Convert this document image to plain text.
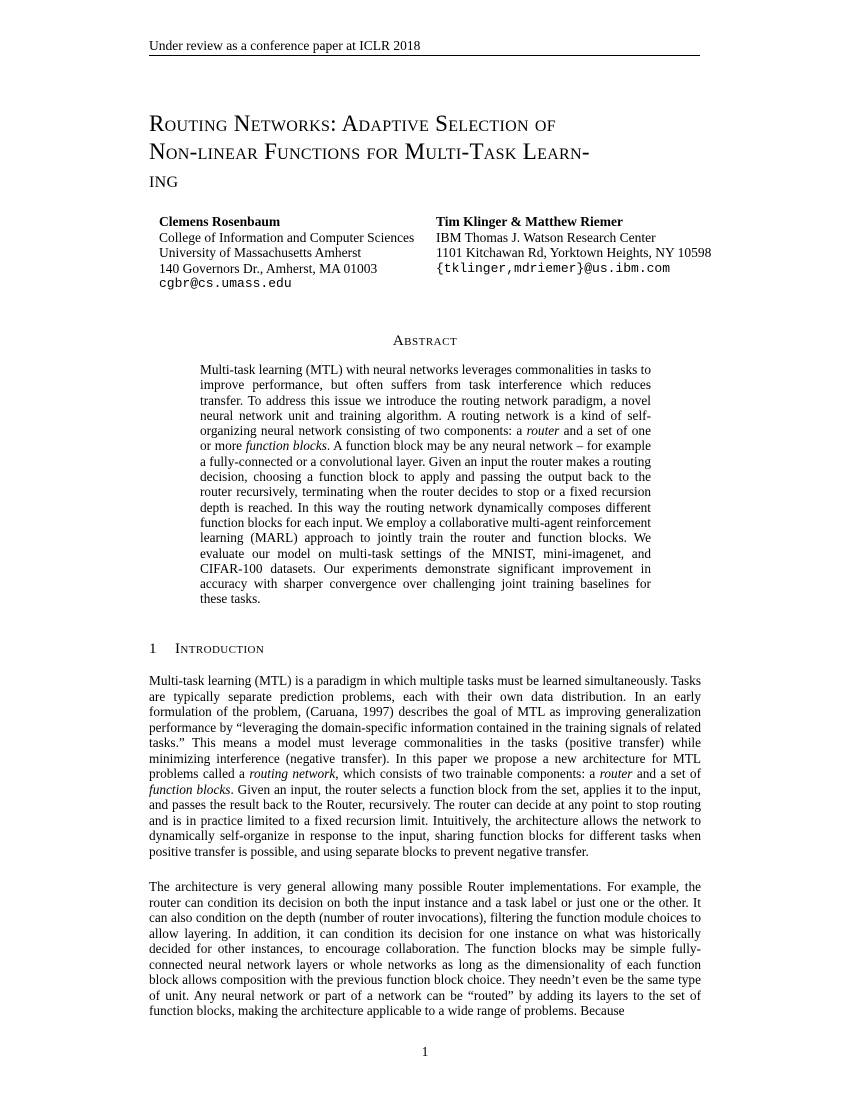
Under review as a conference paper at ICLR 2018
Routing Networks: Adaptive Selection of
Non-linear Functions for Multi-Task Learn-
ing
Clemens Rosenbaum
College of Information and Computer Sciences
University of Massachusetts Amherst
140 Governors Dr., Amherst, MA 01003
cgbr@cs.umass.edu
Tim Klinger & Matthew Riemer
IBM Thomas J. Watson Research Center
1101 Kitchawan Rd, Yorktown Heights, NY 10598
{tklinger,mdriemer}@us.ibm.com
Abstract
Multi-task learning (MTL) with neural networks leverages commonalities in tasks to improve performance, but often suffers from task interference which reduces transfer. To address this issue we introduce the routing network paradigm, a novel neural network unit and training algorithm. A routing network is a kind of self-organizing neural network consisting of two components: a router and a set of one or more function blocks. A function block may be any neural network – for example a fully-connected or a convolutional layer. Given an input the router makes a routing decision, choosing a function block to apply and passing the output back to the router recursively, terminating when the router decides to stop or a fixed recursion depth is reached. In this way the routing network dynamically composes different function blocks for each input. We employ a collaborative multi-agent reinforcement learning (MARL) approach to jointly train the router and function blocks. We evaluate our model on multi-task settings of the MNIST, mini-imagenet, and CIFAR-100 datasets. Our experiments demonstrate significant improvement in accuracy with sharper convergence over challenging joint training baselines for these tasks.
1 Introduction
Multi-task learning (MTL) is a paradigm in which multiple tasks must be learned simultaneously. Tasks are typically separate prediction problems, each with their own data distribution. In an early formulation of the problem, (Caruana, 1997) describes the goal of MTL as improving generalization performance by “leveraging the domain-specific information contained in the training signals of related tasks.” This means a model must leverage commonalities in the tasks (positive transfer) while minimizing interference (negative transfer). In this paper we propose a new architecture for MTL problems called a routing network, which consists of two trainable components: a router and a set of function blocks. Given an input, the router selects a function block from the set, applies it to the input, and passes the result back to the Router, recursively. The router can decide at any point to stop routing and is in practice limited to a fixed recursion limit. Intuitively, the architecture allows the network to dynamically self-organize in response to the input, sharing function blocks for different tasks when positive transfer is possible, and using separate blocks to prevent negative transfer.
The architecture is very general allowing many possible Router implementations. For example, the router can condition its decision on both the input instance and a task label or just one or the other. It can also condition on the depth (number of router invocations), filtering the function module choices to allow layering. In addition, it can condition its decision for one instance on what was historically decided for other instances, to encourage collaboration. The function blocks may be simple fully-connected neural network layers or whole networks as long as the dimensionality of each function block allows composition with the previous function block choice. They needn’t even be the same type of unit. Any neural network or part of a network can be “routed” by adding its layers to the set of function blocks, making the architecture applicable to a wide range of problems. Because
1
